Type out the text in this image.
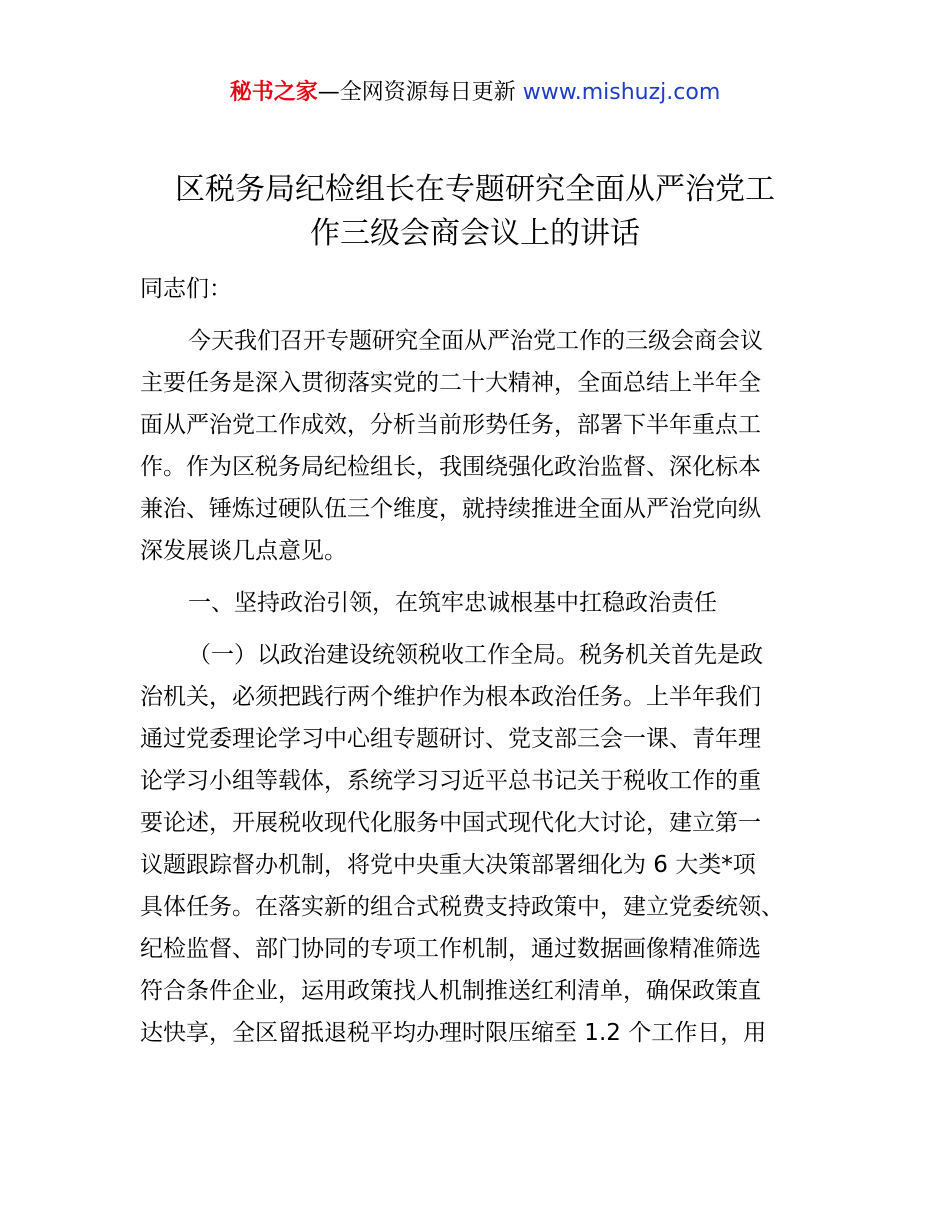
秘书之家—全网资源每日更新 www.mishuzj.com
区税务局纪检组长在专题研究全面从严治党工
作三级会商会议上的讲话
同志们：
今天我们召开专题研究全面从严治党工作的三级会商会议
主要任务是深入贯彻落实党的二十大精神，全面总结上半年全
面从严治党工作成效，分析当前形势任务，部署下半年重点工
作。作为区税务局纪检组长，我围绕强化政治监督、深化标本
兼治、锤炼过硬队伍三个维度，就持续推进全面从严治党向纵
深发展谈几点意见。
一、坚持政治引领，在筑牢忠诚根基中扛稳政治责任
（一）以政治建设统领税收工作全局。税务机关首先是政
治机关，必须把践行两个维护作为根本政治任务。上半年我们
通过党委理论学习中心组专题研讨、党支部三会一课、青年理
论学习小组等载体，系统学习习近平总书记关于税收工作的重
要论述，开展税收现代化服务中国式现代化大讨论，建立第一
议题跟踪督办机制，将党中央重大决策部署细化为 6 大类*项
具体任务。在落实新的组合式税费支持政策中，建立党委统领、
纪检监督、部门协同的专项工作机制，通过数据画像精准筛选
符合条件企业，运用政策找人机制推送红利清单，确保政策直
达快享，全区留抵退税平均办理时限压缩至 1.2 个工作日，用
